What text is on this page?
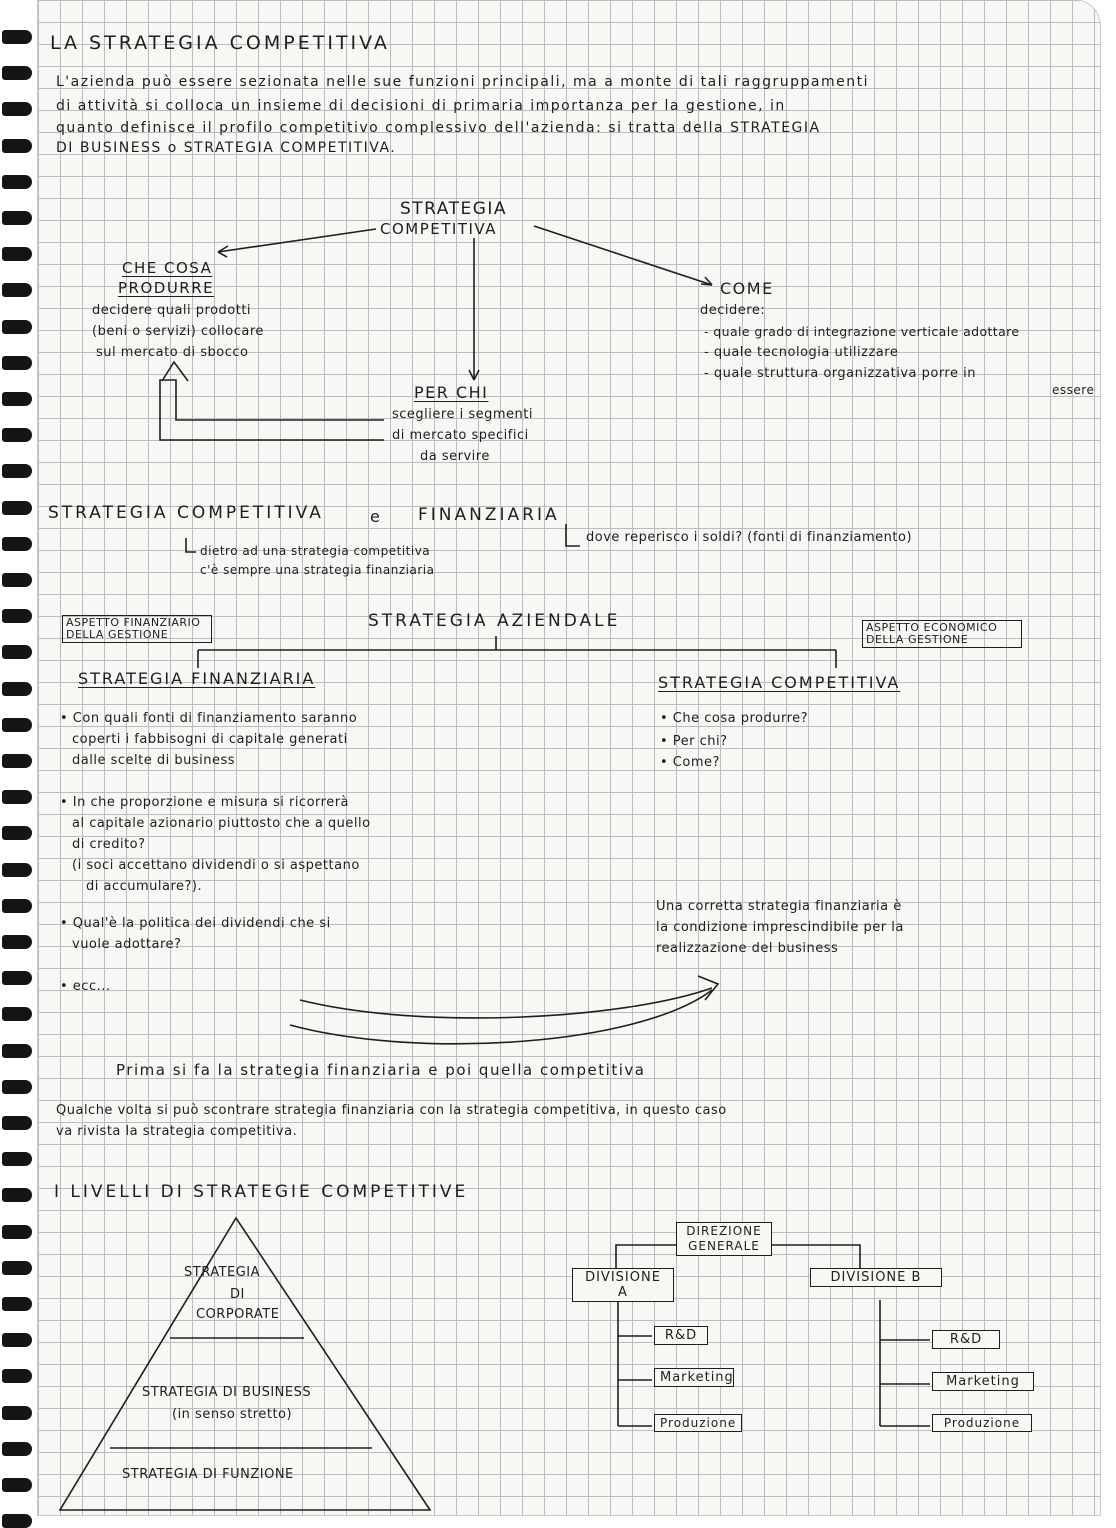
LA STRATEGIA COMPETITIVA
L'azienda può essere sezionata nelle sue funzioni principali, ma a monte di tali raggruppamenti
di attività si colloca un insieme di decisioni di primaria importanza per la gestione, in
quanto definisce il profilo competitivo complessivo dell'azienda: si tratta della STRATEGIA
DI BUSINESS o STRATEGIA COMPETITIVA.
STRATEGIA
COMPETITIVA
CHE COSA
PRODURRE
decidere quali prodotti
(beni o servizi) collocare
sul mercato di sbocco
PER CHI
scegliere i segmenti
di mercato specifici
da servire
COME
decidere:
- quale grado di integrazione verticale adottare
- quale tecnologia utilizzare
- quale struttura organizzativa porre in
essere
STRATEGIA COMPETITIVA	e FINANZIARIA
dove reperisco i soldi? (fonti di finanziamento)
dietro ad una strategia competitiva
c'è sempre una strategia finanziaria
STRATEGIA AZIENDALE
ASPETTO FINANZIARIO
DELLA GESTIONE
ASPETTO ECONOMICO
DELLA GESTIONE
STRATEGIA FINANZIARIA	STRATEGIA COMPETITIVA
• Con quali fonti di finanziamento saranno
coperti i fabbisogni di capitale generati
dalle scelte di business
• In che proporzione e misura si ricorrerà
al capitale azionario piuttosto che a quello
di credito?
(i soci accettano dividendi o si aspettano
di accumulare?).
• Qual'è la politica dei dividendi che si
vuole adottare?
• ecc...
• Che cosa produrre?
• Per chi?
• Come?
Una corretta strategia finanziaria è
la condizione imprescindibile per la
realizzazione del business
Prima si fa la strategia finanziaria e poi quella competitiva
Qualche volta si può scontrare strategia finanziaria con la strategia competitiva, in questo caso
va rivista la strategia competitiva.
I LIVELLI DI STRATEGIE COMPETITIVE
STRATEGIA
DI
CORPORATE
STRATEGIA DI BUSINESS
(in senso stretto)
STRATEGIA DI FUNZIONE
DIREZIONE
GENERALE
DIVISIONE A
DIVISIONE B
R&D
Marketing
Produzione
R&D
Marketing
Produzione
